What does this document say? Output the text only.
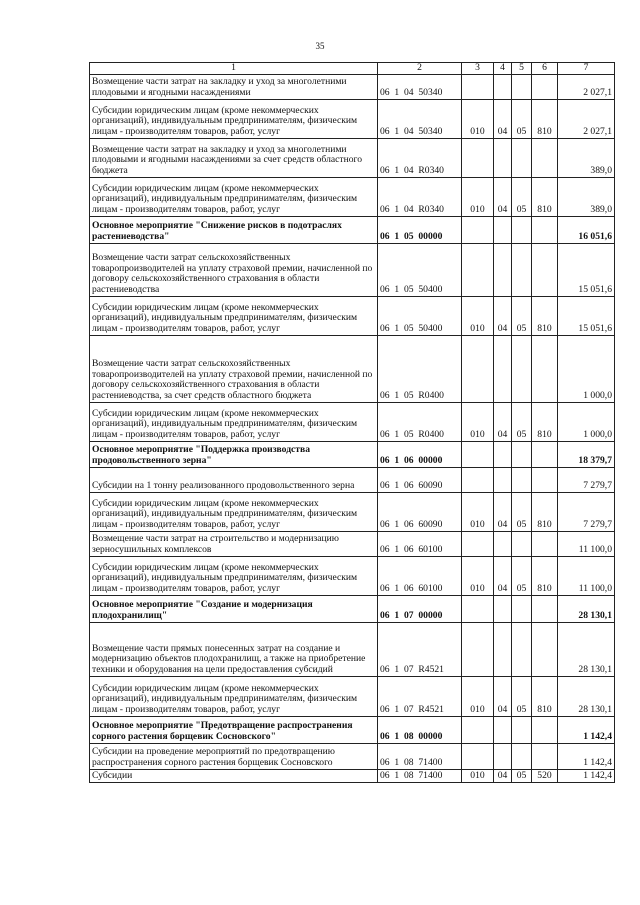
35
1	2	3	4	5	6	7
Возмещение части затрат на закладку и уход за многолетними плодовыми и ягодными насаждениями	06  1  04  50340					2 027,1
Субсидии юридическим лицам (кроме некоммерческих организаций), индивидуальным предпринимателям, физическим лицам - производителям товаров, работ, услуг	06  1  04  50340	010	04	05	810	2 027,1
Возмещение части затрат на закладку и уход за многолетними плодовыми и ягодными насаждениями за счет средств областного бюджета	06  1  04  R0340					389,0
Субсидии юридическим лицам (кроме некоммерческих организаций), индивидуальным предпринимателям, физическим лицам - производителям товаров, работ, услуг	06  1  04  R0340	010	04	05	810	389,0
Основное мероприятие "Снижение рисков в подотраслях растениеводства"	06  1  05  00000					16 051,6
Возмещение части затрат сельскохозяйственных товаропроизводителей на уплату страховой премии, начисленной по договору сельскохозяйственного страхования в области растениеводства	06  1  05  50400					15 051,6
Субсидии юридическим лицам (кроме некоммерческих организаций), индивидуальным предпринимателям, физическим лицам - производителям товаров, работ, услуг	06  1  05  50400	010	04	05	810	15 051,6
Возмещение части затрат сельскохозяйственных товаропроизводителей на уплату страховой премии, начисленной по договору сельскохозяйственного страхования в области растениеводства, за счет средств областного бюджета	06  1  05  R0400					1 000,0
Субсидии юридическим лицам (кроме некоммерческих организаций), индивидуальным предпринимателям, физическим лицам - производителям товаров, работ, услуг	06  1  05  R0400	010	04	05	810	1 000,0
Основное мероприятие "Поддержка производства продовольственного зерна"	06  1  06  00000					18 379,7
Субсидии на 1 тонну реализованного продовольственного зерна	06  1  06  60090					7 279,7
Субсидии юридическим лицам (кроме некоммерческих организаций), индивидуальным предпринимателям, физическим лицам - производителям товаров, работ, услуг	06  1  06  60090	010	04	05	810	7 279,7
Возмещение части затрат на строительство и модернизацию зерносушильных комплексов	06  1  06  60100					11 100,0
Субсидии юридическим лицам (кроме некоммерческих организаций), индивидуальным предпринимателям, физическим лицам - производителям товаров, работ, услуг	06  1  06  60100	010	04	05	810	11 100,0
Основное мероприятие "Создание и модернизация плодохранилищ"	06  1  07  00000					28 130,1
Возмещение части прямых понесенных затрат на создание и модернизацию объектов плодохранилищ, а также на приобретение техники и оборудования на цели предоставления субсидий	06  1  07  R4521					28 130,1
Субсидии юридическим лицам (кроме некоммерческих организаций), индивидуальным предпринимателям, физическим лицам - производителям товаров, работ, услуг	06  1  07  R4521	010	04	05	810	28 130,1
Основное мероприятие "Предотвращение распространения сорного растения борщевик Сосновского"	06  1  08  00000					1 142,4
Субсидии на проведение мероприятий по предотвращению распространения сорного растения борщевик Сосновского	06  1  08  71400					1 142,4
Субсидии	06  1  08  71400	010	04	05	520	1 142,4
